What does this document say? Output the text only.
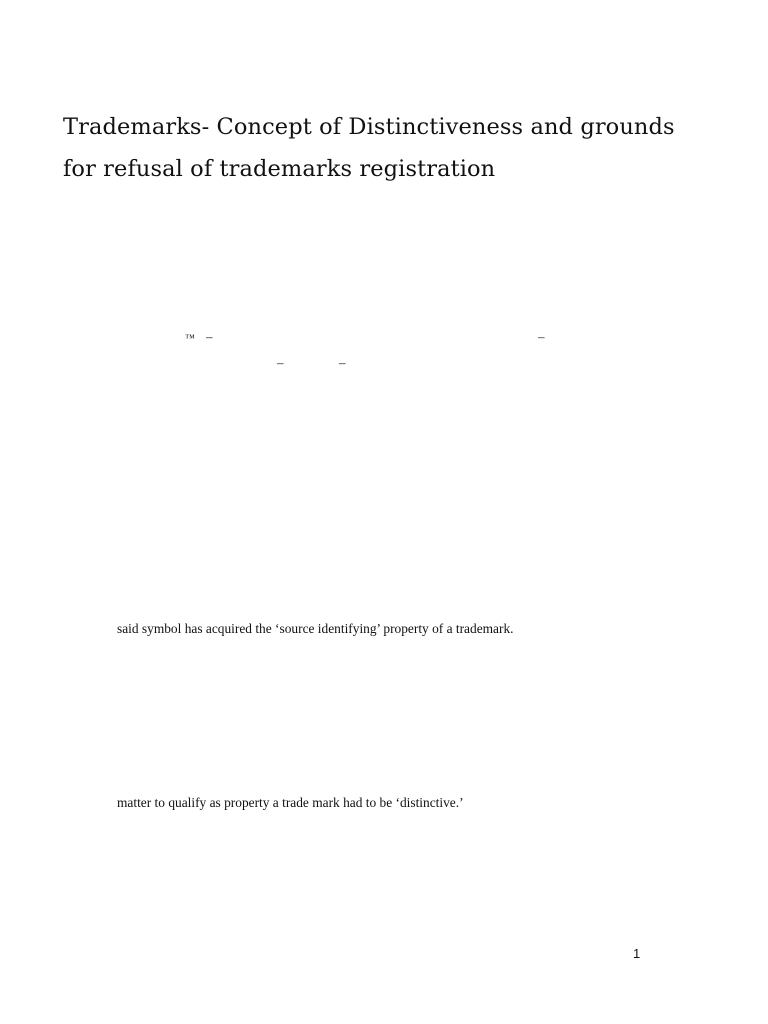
Trademarks- Concept of Distinctiveness and grounds
for refusal of trademarks registration
™ –	–
–	–
said symbol has acquired the ‘source identifying’ property of a trademark.
matter to qualify as property a trade mark had to be ‘distinctive.’
1
